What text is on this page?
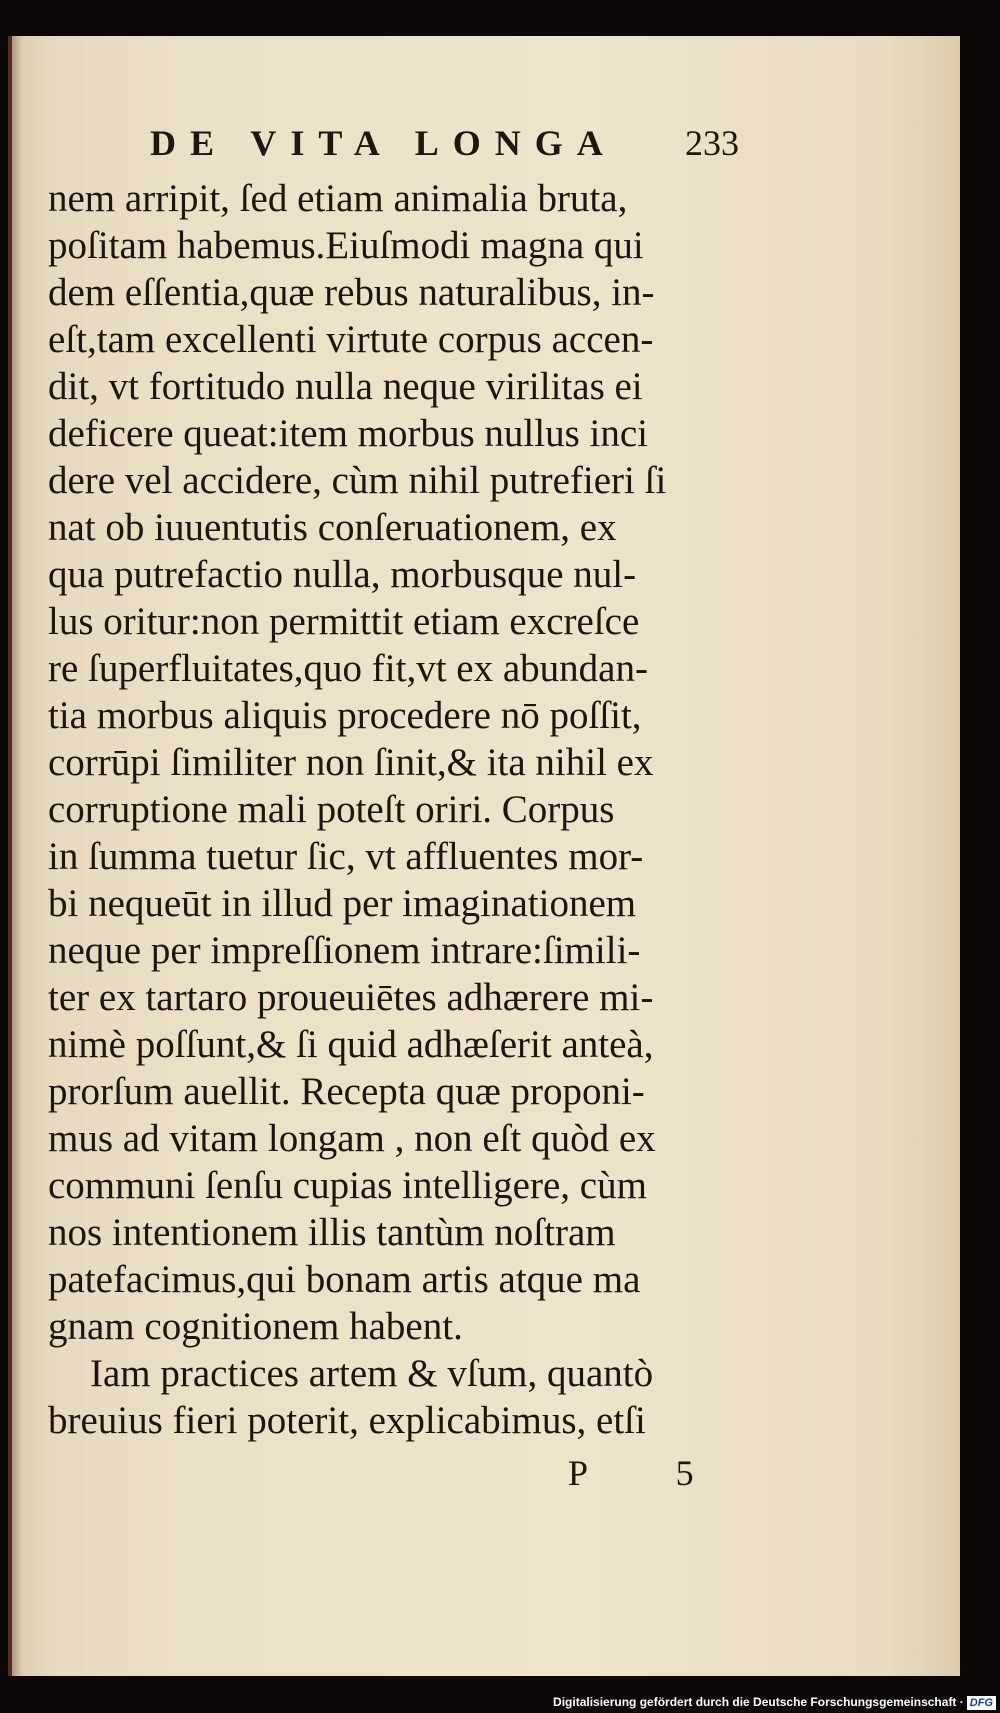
DE VITA LONGA	233
nem arripit, ſed etiam animalia bruta,
poſitam habemus.Eiuſmodi magna qui
dem eſſentia,quæ rebus naturalibus, in-
eſt,tam excellenti virtute corpus accen-
dit, vt fortitudo nulla neque virilitas ei
deficere queat:item morbus nullus inci
dere vel accidere, cùm nihil putrefieri ſi
nat ob iuuentutis conſeruationem, ex
qua putrefactio nulla, morbusque nul-
lus oritur:non permittit etiam excreſce
re ſuperfluitates,quo fit,vt ex abundan-
tia morbus aliquis procedere nō poſſit,
corrūpi ſimiliter non ſinit,& ita nihil ex
corruptione mali poteſt oriri. Corpus
in ſumma tuetur ſic, vt affluentes mor-
bi nequeūt in illud per imaginationem
neque per impreſſionem intrare:ſimili-
ter ex tartaro proueuiētes adhærere mi-
nimè poſſunt,& ſi quid adhæſerit anteà,
prorſum auellit. Recepta quæ proponi-
mus ad vitam longam , non eſt quòd ex
communi ſenſu cupias intelligere, cùm
nos intentionem illis tantùm noſtram
patefacimus,qui bonam artis atque ma
gnam cognitionem habent.
Iam practices artem & vſum, quantò
breuius fieri poterit, explicabimus, etſi
P 5
Digitalisierung gefördert durch die Deutsche Forschungsgemeinschaft · DFG
